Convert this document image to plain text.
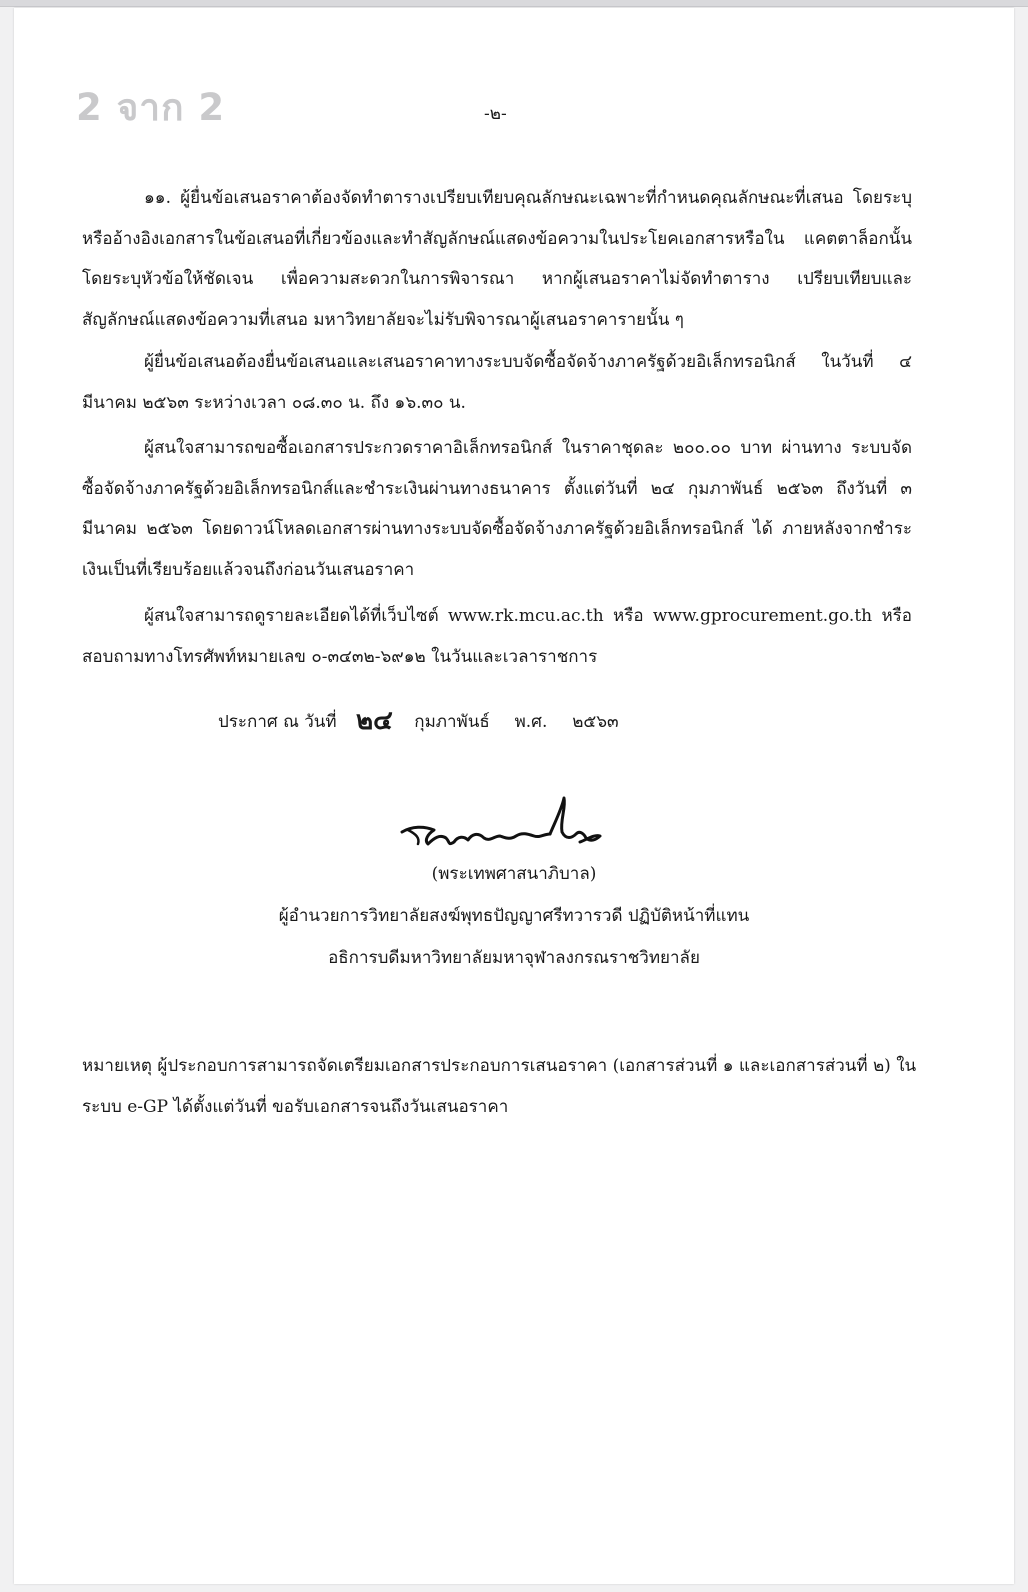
2 จาก 2	-๒-
๑๑. ผู้ยื่นข้อเสนอราคาต้องจัดทำตารางเปรียบเทียบคุณลักษณะเฉพาะที่กำหนดคุณลักษณะที่เสนอ โดยระบุหรืออ้างอิงเอกสารในข้อเสนอที่เกี่ยวข้องและทำสัญลักษณ์แสดงข้อความในประโยคเอกสารหรือใน แคตตาล็อกนั้น โดยระบุหัวข้อให้ชัดเจน เพื่อความสะดวกในการพิจารณา หากผู้เสนอราคาไม่จัดทำตาราง เปรียบเทียบและสัญลักษณ์แสดงข้อความที่เสนอ มหาวิทยาลัยจะไม่รับพิจารณาผู้เสนอราคารายนั้น ๆ
ผู้ยื่นข้อเสนอต้องยื่นข้อเสนอและเสนอราคาทางระบบจัดซื้อจัดจ้างภาครัฐด้วยอิเล็กทรอนิกส์ ในวันที่ ๔ มีนาคม ๒๕๖๓ ระหว่างเวลา ๐๘.๓๐ น. ถึง ๑๖.๓๐ น.
ผู้สนใจสามารถขอซื้อเอกสารประกวดราคาอิเล็กทรอนิกส์ ในราคาชุดละ ๒๐๐.๐๐ บาท ผ่านทาง ระบบจัดซื้อจัดจ้างภาครัฐด้วยอิเล็กทรอนิกส์และชำระเงินผ่านทางธนาคาร ตั้งแต่วันที่ ๒๔ กุมภาพันธ์ ๒๕๖๓ ถึงวันที่ ๓ มีนาคม ๒๕๖๓ โดยดาวน์โหลดเอกสารผ่านทางระบบจัดซื้อจัดจ้างภาครัฐด้วยอิเล็กทรอนิกส์ ได้ ภายหลังจากชำระเงินเป็นที่เรียบร้อยแล้วจนถึงก่อนวันเสนอราคา
ผู้สนใจสามารถดูรายละเอียดได้ที่เว็บไซต์ www.rk.mcu.ac.th หรือ www.gprocurement.go.th หรือสอบถามทางโทรศัพท์หมายเลข ๐-๓๔๓๒-๖๙๑๒ ในวันและเวลาราชการ
ประกาศ ณ วันที่ ๒๔ กุมภาพันธ์ พ.ศ. ๒๕๖๓
(พระเทพศาสนาภิบาล)
ผู้อำนวยการวิทยาลัยสงฆ์พุทธปัญญาศรีทวารวดี ปฏิบัติหน้าที่แทน
อธิการบดีมหาวิทยาลัยมหาจุฬาลงกรณราชวิทยาลัย
หมายเหตุ ผู้ประกอบการสามารถจัดเตรียมเอกสารประกอบการเสนอราคา (เอกสารส่วนที่ ๑ และเอกสารส่วนที่ ๒) ในระบบ e-GP ได้ตั้งแต่วันที่ ขอรับเอกสารจนถึงวันเสนอราคา
